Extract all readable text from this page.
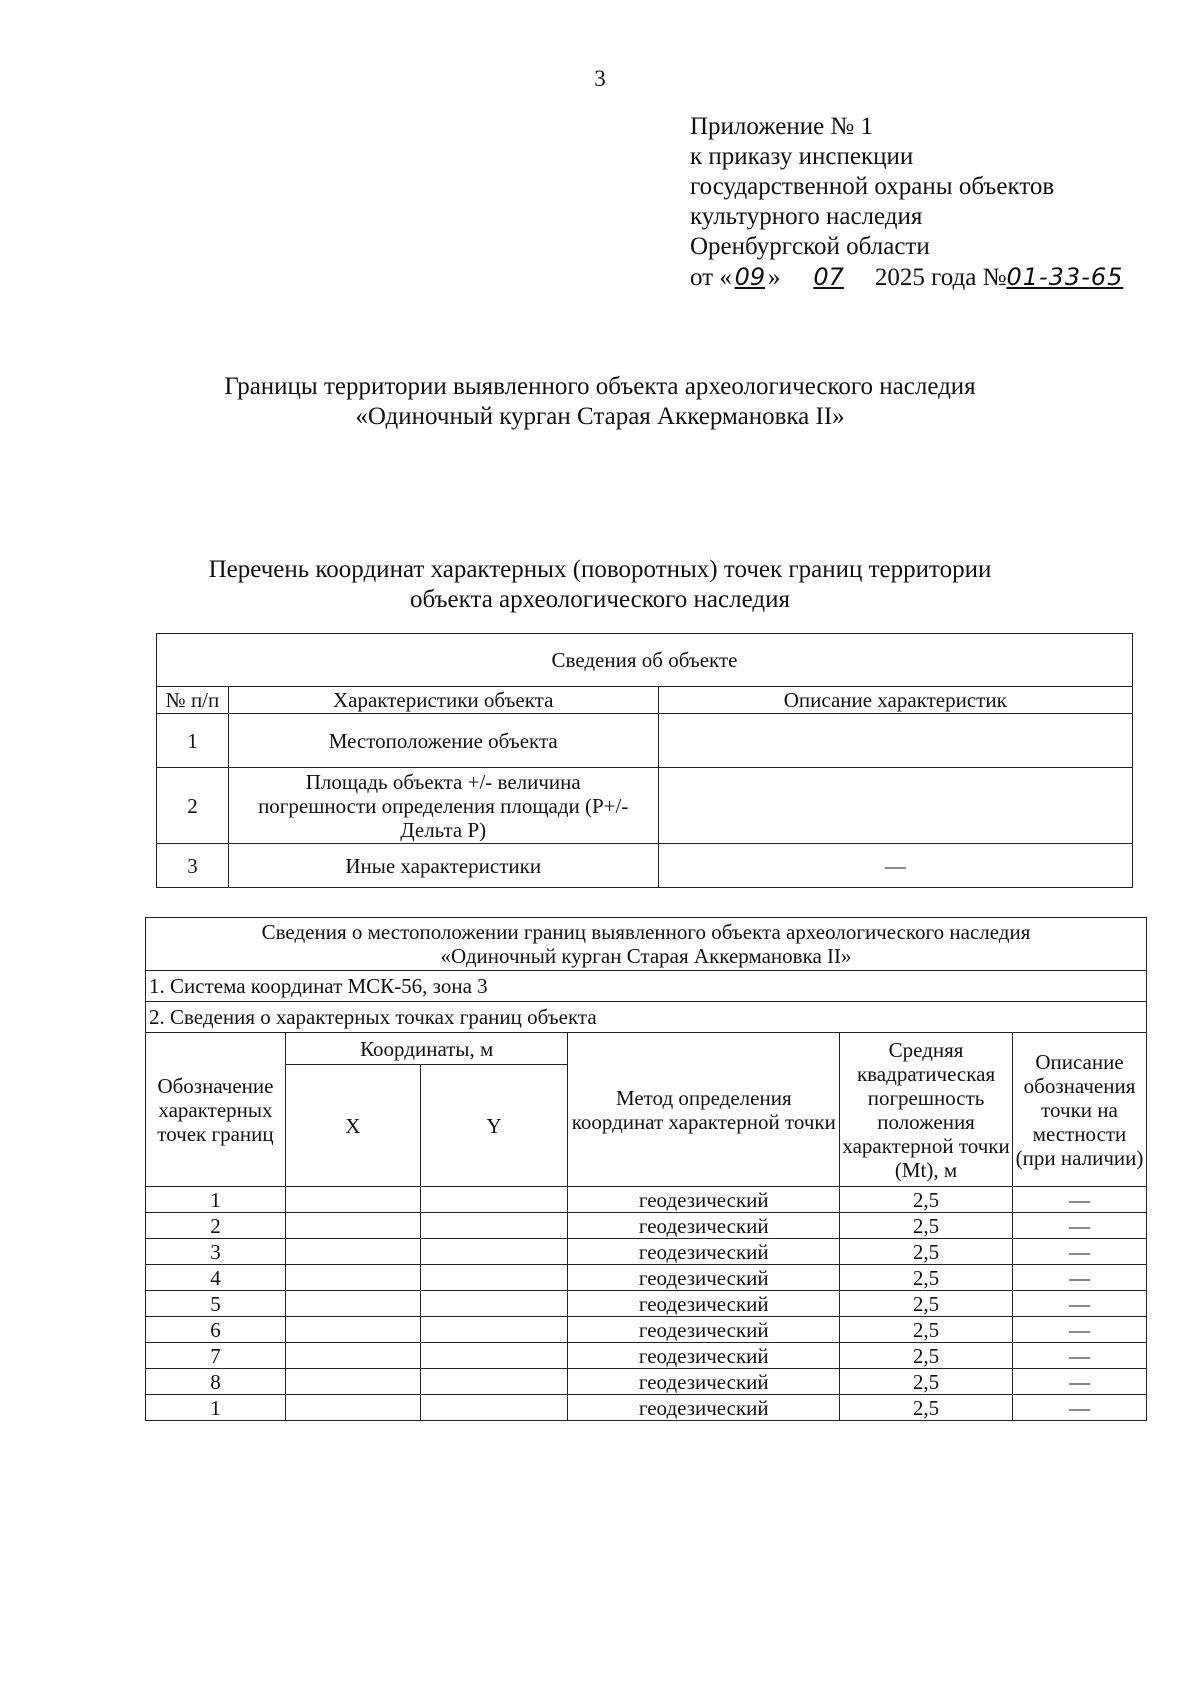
3
Приложение № 1
к приказу инспекции
государственной охраны объектов
культурного наследия
Оренбургской области
от « 09 » 07 2025 года №01-33-65
Границы территории выявленного объекта археологического наследия
«Одиночный курган Старая Аккермановка II»
Перечень координат характерных (поворотных) точек границ территории
объекта археологического наследия
Сведения об объекте		
№ п/п	Характеристики объекта	Описание характеристик
1	Местоположение объекта	
2	Площадь объекта +/- величина погрешности определения площади (Р+/- Дельта Р)	
3	Иные характеристики	—
Сведения о местоположении границ выявленного объекта археологического наследия
«Одиночный курган Старая Аккермановка II»					

1. Система координат МСК-56, зона 3					
2. Сведения о характерных точках границ объекта					
Обозначение характерных точек границ	Координаты, м		Метод определения координат характерной точки	Средняя квадратическая погрешность положения характерной точки (Mt), м	Описание обозначения точки на местности (при наличии)
	X	Y			
1			геодезический	2,5	—
2			геодезический	2,5	—
3			геодезический	2,5	—
4			геодезический	2,5	—
5			геодезический	2,5	—
6			геодезический	2,5	—
7			геодезический	2,5	—
8			геодезический	2,5	—
1			геодезический	2,5	—
